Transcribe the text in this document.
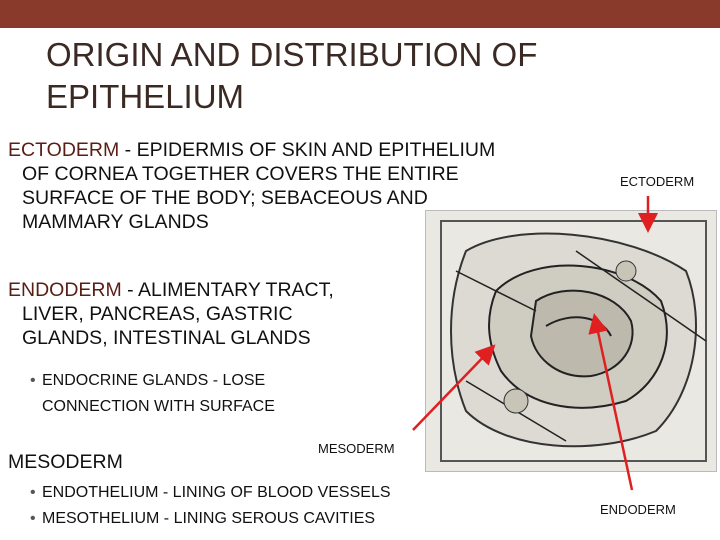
ORIGIN AND DISTRIBUTION OF EPITHELIUM
ECTODERM - EPIDERMIS OF SKIN AND EPITHELIUM
OF CORNEA TOGETHER COVERS THE ENTIRE
SURFACE OF THE BODY; SEBACEOUS AND
MAMMARY GLANDS
ENDODERM - ALIMENTARY TRACT,
LIVER, PANCREAS, GASTRIC
GLANDS, INTESTINAL GLANDS
• ENDOCRINE GLANDS - LOSE
CONNECTION WITH SURFACE
MESODERM
• ENDOTHELIUM - LINING OF BLOOD VESSELS
• MESOTHELIUM - LINING SEROUS CAVITIES
ECTODERM
MESODERM
ENDODERM
